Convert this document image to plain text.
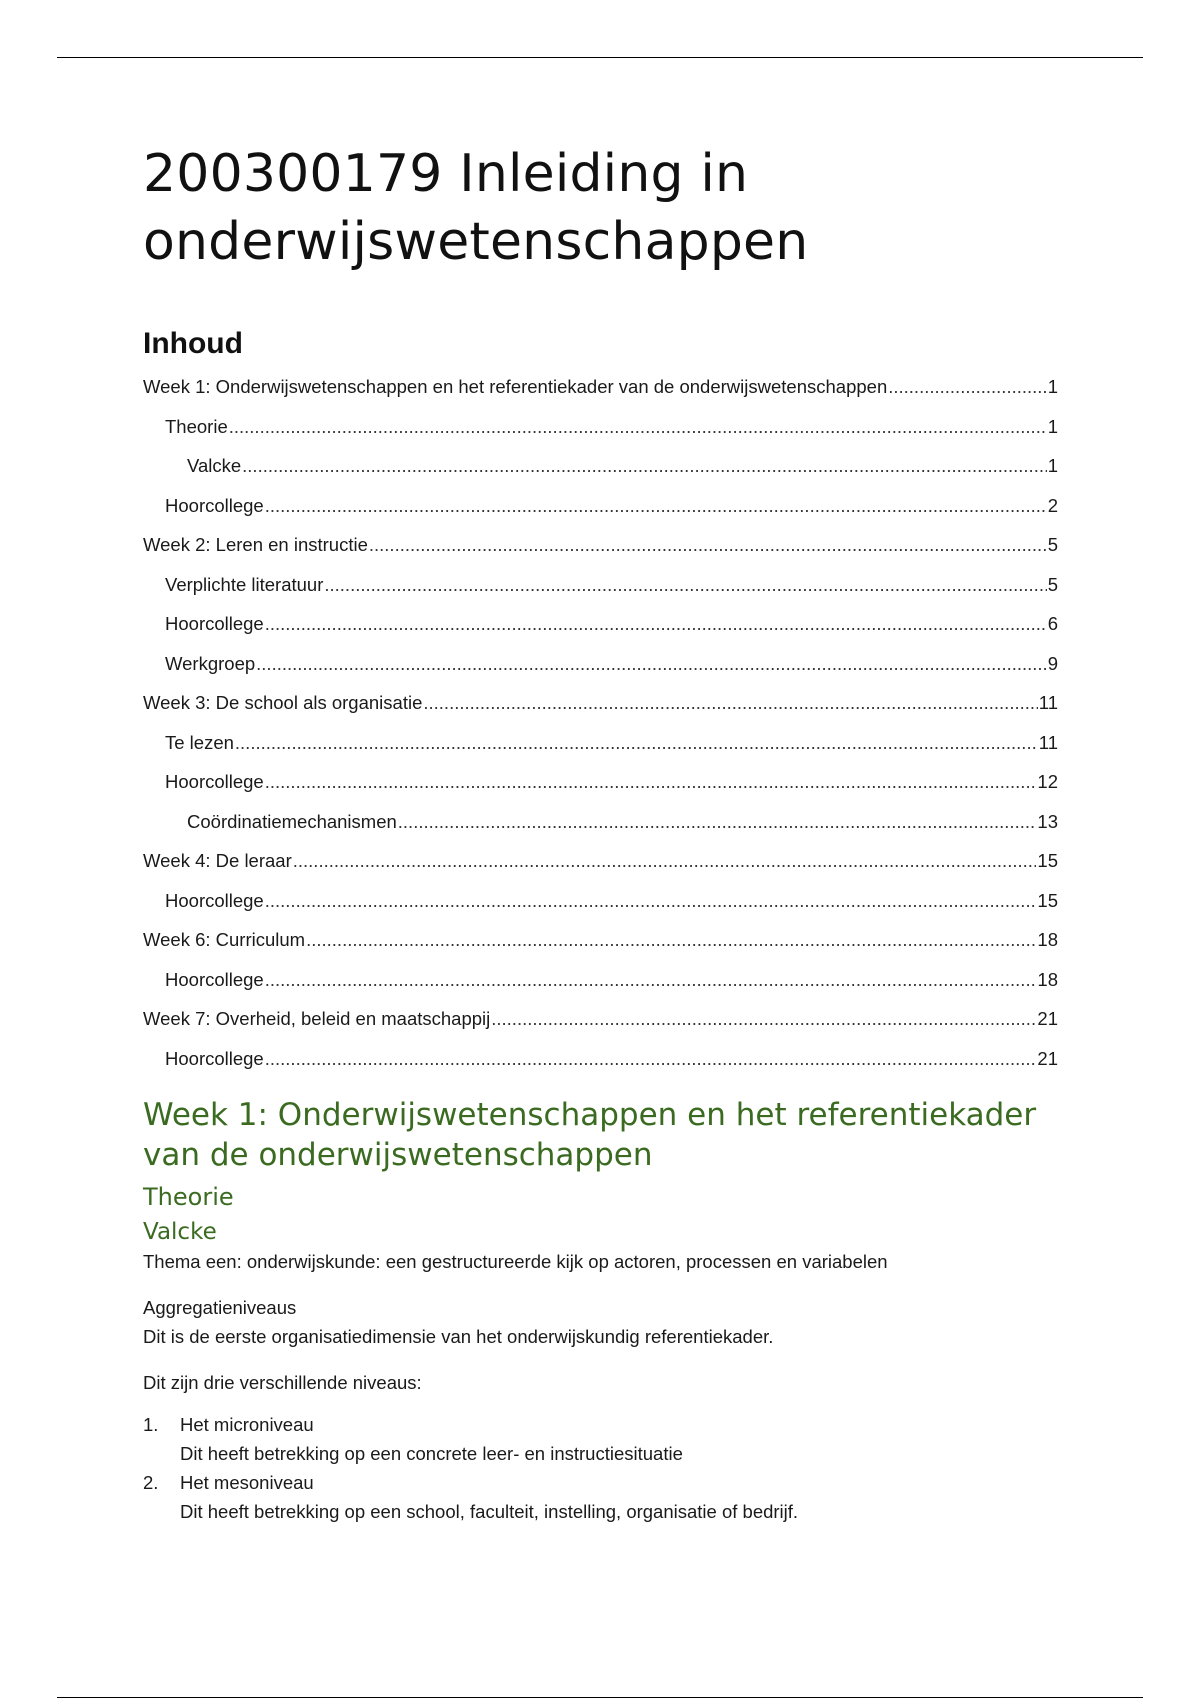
200300179 Inleiding in onderwijswetenschappen
Inhoud
Week 1: Onderwijswetenschappen en het referentiekader van de onderwijswetenschappen .....	1
Theorie .....	1
Valcke .....	1
Hoorcollege .....	2
Week 2: Leren en instructie .....	5
Verplichte literatuur .....	5
Hoorcollege .....	6
Werkgroep .....	9
Week 3: De school als organisatie .....	11
Te lezen .....	11
Hoorcollege .....	12
Coördinatiemechanismen .....	13
Week 4: De leraar .....	15
Hoorcollege .....	15
Week 6: Curriculum .....	18
Hoorcollege .....	18
Week 7: Overheid, beleid en maatschappij .....	21
Hoorcollege .....	21
Week 1: Onderwijswetenschappen en het referentiekader van de onderwijswetenschappen
Theorie
Valcke

Thema een: onderwijskunde: een gestructureerde kijk op actoren, processen en variabelen

Aggregatieniveaus

Dit is de eerste organisatiedimensie van het onderwijskundig referentiekader.

Dit zijn drie verschillende niveaus:

1. Het microniveau
Dit heeft betrekking op een concrete leer- en instructiesituatie
2. Het mesoniveau
Dit heeft betrekking op een school, faculteit, instelling, organisatie of bedrijf.
